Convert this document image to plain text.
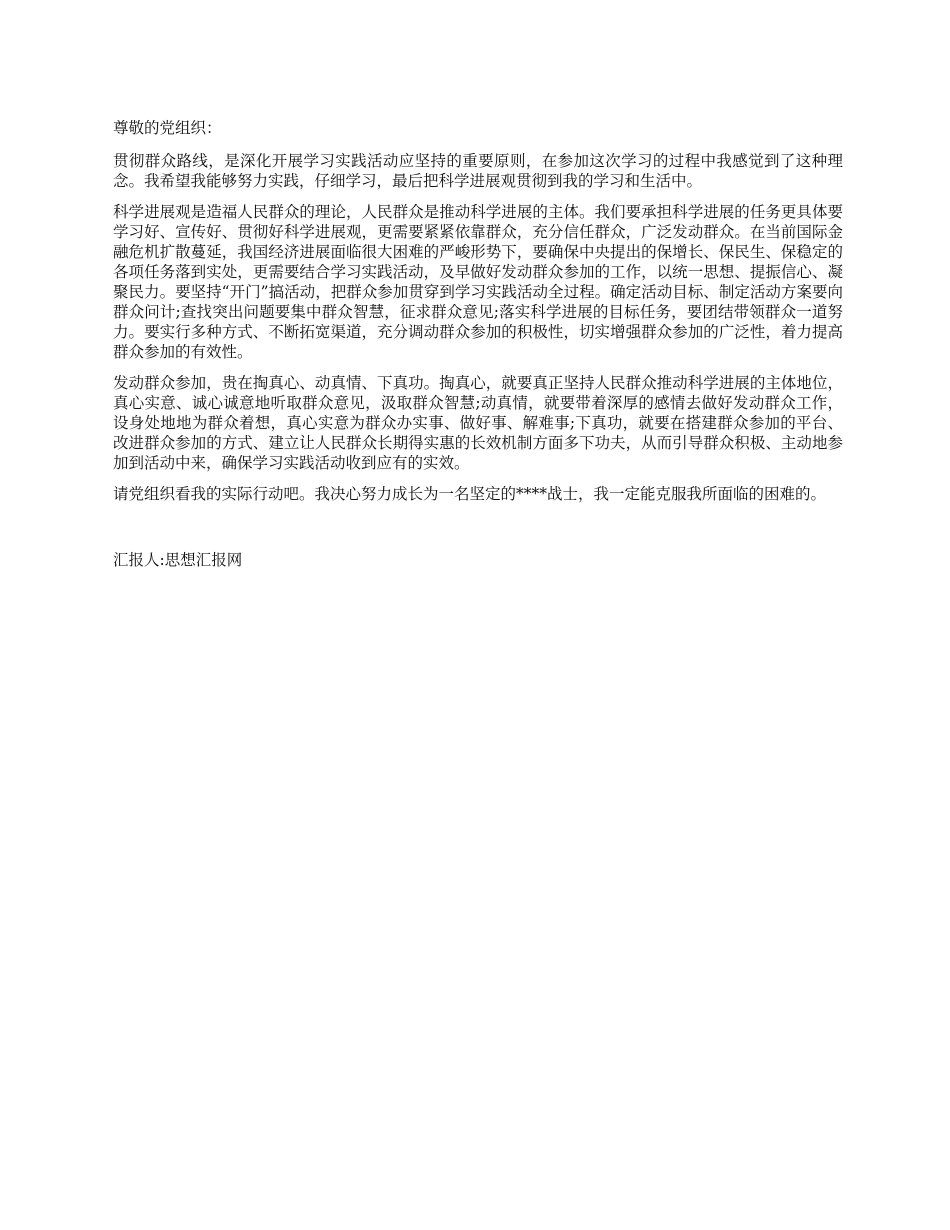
尊敬的党组织：

贯彻群众路线，是深化开展学习实践活动应坚持的重要原则，在参加这次学习的过程中我感觉到了这种理念。我希望我能够努力实践，仔细学习，最后把科学进展观贯彻到我的学习和生活中。

科学进展观是造福人民群众的理论，人民群众是推动科学进展的主体。我们要承担科学进展的任务更具体要学习好、宣传好、贯彻好科学进展观，更需要紧紧依靠群众，充分信任群众，广泛发动群众。在当前国际金融危机扩散蔓延，我国经济进展面临很大困难的严峻形势下，要确保中央提出的保增长、保民生、保稳定的各项任务落到实处，更需要结合学习实践活动，及早做好发动群众参加的工作，以统一思想、提振信心、凝聚民力。要坚持“开门”搞活动，把群众参加贯穿到学习实践活动全过程。确定活动目标、制定活动方案要向群众问计;查找突出问题要集中群众智慧，征求群众意见;落实科学进展的目标任务，要团结带领群众一道努力。要实行多种方式、不断拓宽渠道，充分调动群众参加的积极性，切实增强群众参加的广泛性，着力提高群众参加的有效性。

发动群众参加，贵在掏真心、动真情、下真功。掏真心，就要真正坚持人民群众推动科学进展的主体地位，真心实意、诚心诚意地听取群众意见，汲取群众智慧;动真情，就要带着深厚的感情去做好发动群众工作，设身处地地为群众着想，真心实意为群众办实事、做好事、解难事;下真功，就要在搭建群众参加的平台、改进群众参加的方式、建立让人民群众长期得实惠的长效机制方面多下功夫，从而引导群众积极、主动地参加到活动中来，确保学习实践活动收到应有的实效。

请党组织看我的实际行动吧。我决心努力成长为一名坚定的****战士，我一定能克服我所面临的困难的。

汇报人:思想汇报网
